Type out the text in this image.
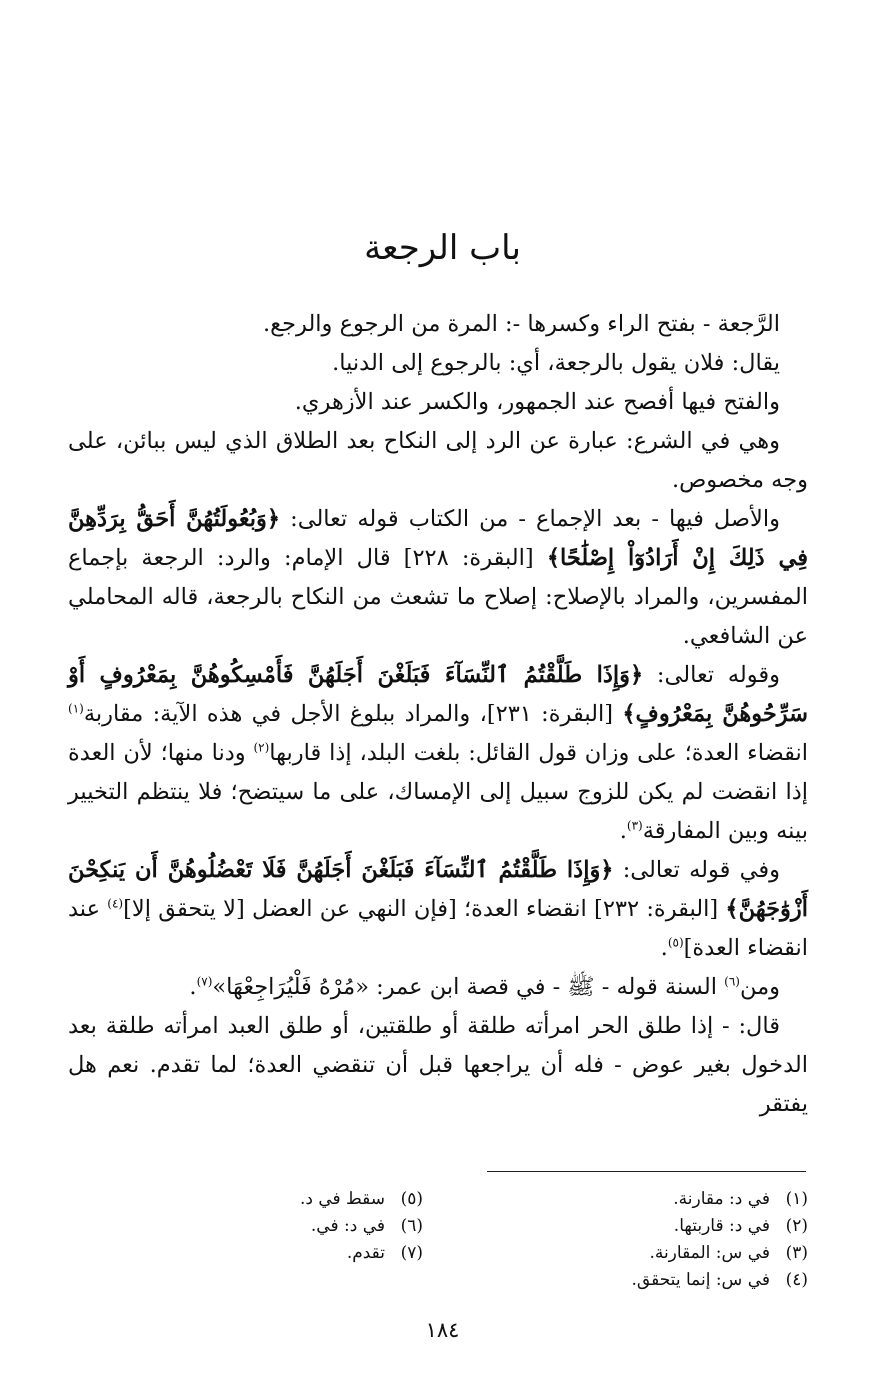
باب الرجعة

الرَّجعة - بفتح الراء وكسرها -: المرة من الرجوع والرجع.

يقال: فلان يقول بالرجعة، أي: بالرجوع إلى الدنيا.

والفتح فيها أفصح عند الجمهور، والكسر عند الأزهري.

وهي في الشرع: عبارة عن الرد إلى النكاح بعد الطلاق الذي ليس ببائن، على وجه مخصوص.

والأصل فيها - بعد الإجماع - من الكتاب قوله تعالى: ﴿وَبُعُولَتُهُنَّ أَحَقُّ بِرَدِّهِنَّ فِي ذَلِكَ إِنْ أَرَادُوٓاْ إِصْلَٰحًا﴾ [البقرة: ٢٢٨] قال الإمام: والرد: الرجعة بإجماع المفسرين، والمراد بالإصلاح: إصلاح ما تشعث من النكاح بالرجعة، قاله المحاملي عن الشافعي.

وقوله تعالى: ﴿وَإِذَا طَلَّقْتُمُ ٱلنِّسَآءَ فَبَلَغْنَ أَجَلَهُنَّ فَأَمْسِكُوهُنَّ بِمَعْرُوفٍ أَوْ سَرِّحُوهُنَّ بِمَعْرُوفٍ﴾ [البقرة: ٢٣١]، والمراد ببلوغ الأجل في هذه الآية: مقاربة$^{(١)}$ انقضاء العدة؛ على وزان قول القائل: بلغت البلد، إذا قاربها$^{(٢)}$ ودنا منها؛ لأن العدة إذا انقضت لم يكن للزوج سبيل إلى الإمساك، على ما سيتضح؛ فلا ينتظم التخيير بينه وبين المفارقة$^{(٣)}$.

وفي قوله تعالى: ﴿وَإِذَا طَلَّقْتُمُ ٱلنِّسَآءَ فَبَلَغْنَ أَجَلَهُنَّ فَلَا تَعْضُلُوهُنَّ أَن يَنكِحْنَ أَزْوَٰجَهُنَّ﴾ [البقرة: ٢٣٢] انقضاء العدة؛ [فإن النهي عن العضل [لا يتحقق إلا]$^{(٤)}$ عند انقضاء العدة]$^{(٥)}$.

ومن$^{(٦)}$ السنة قوله - ﷺ - في قصة ابن عمر: «مُرْهُ فَلْيُرَاجِعْهَا»$^{(٧)}$.

قال: - إذا طلق الحر امرأته طلقة أو طلقتين، أو طلق العبد امرأته طلقة بعد الدخول بغير عوض - فله أن يراجعها قبل أن تنقضي العدة؛ لما تقدم. نعم هل يفتقر

(١)في د: مقارنة.
(٢)في د: قاربتها.
(٣)في س: المقارنة.
(٤)في س: إنما يتحقق.
(٥)سقط في د.
(٦)في د: في.
(٧)تقدم.
١٨٤
